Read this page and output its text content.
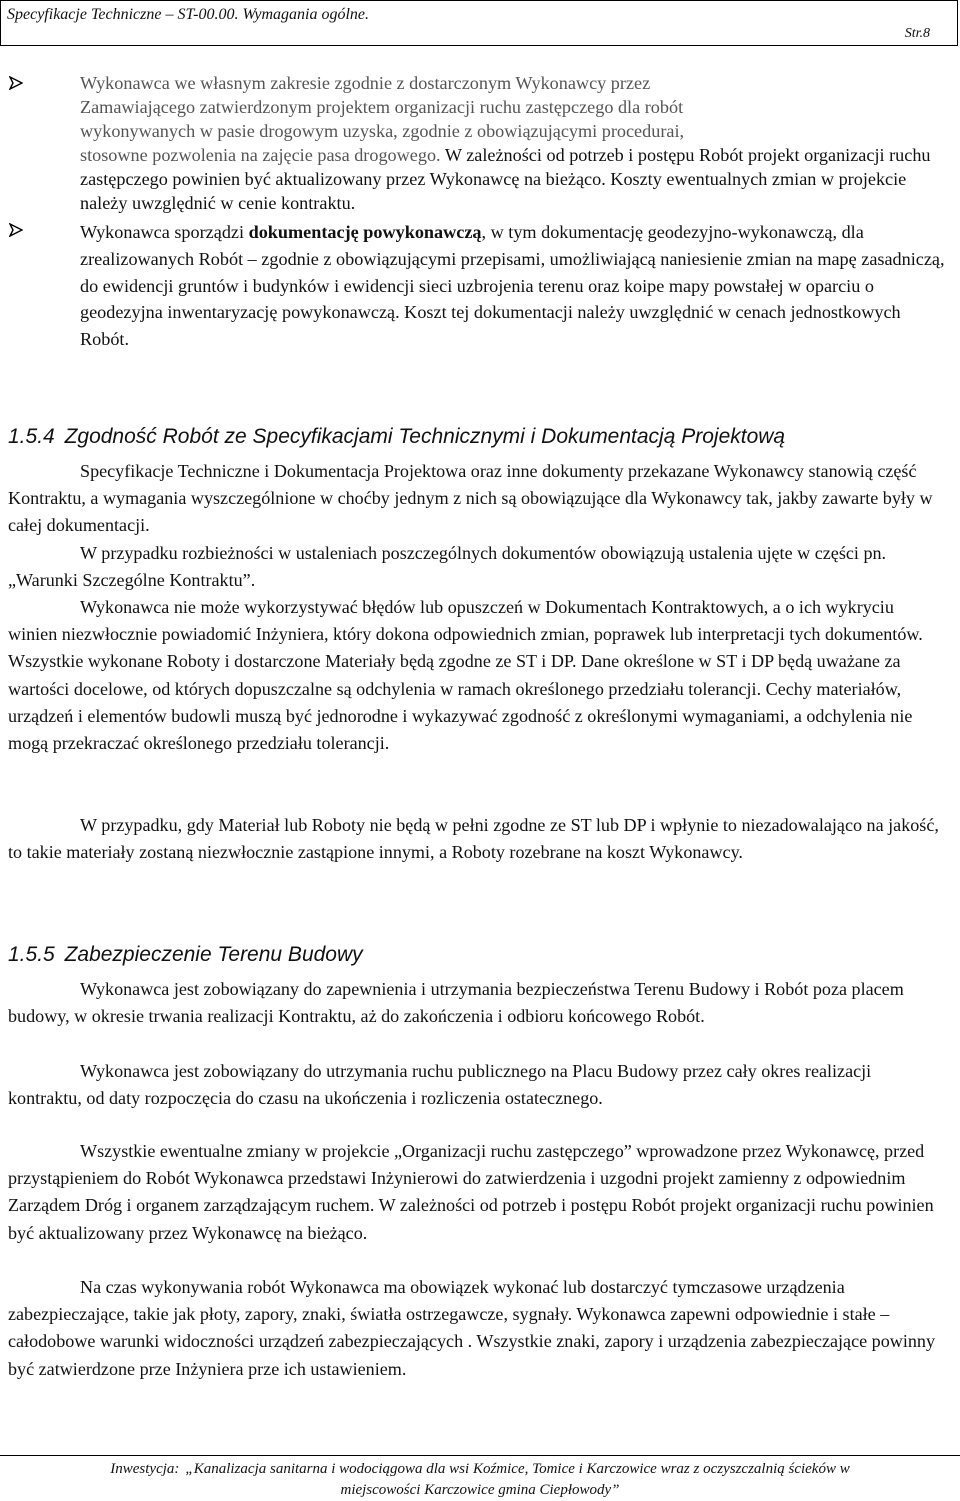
Specyfikacje Techniczne – ST-00.00. Wymagania ogólne.
Str.8
Wykonawca we własnym zakresie zgodnie z dostarczonym Wykonawcy przez
Zamawiającego zatwierdzonym projektem organizacji ruchu zastępczego dla robót
wykonywanych w pasie drogowym uzyska, zgodnie z obowiązującymi procedurai,
stosowne pozwolenia na zajęcie pasa drogowego. W zależności od potrzeb i postępu Robót projekt organizacji ruchu zastępczego powinien być aktualizowany przez Wykonawcę na bieżąco. Koszty ewentualnych zmian w projekcie należy uwzględnić w cenie kontraktu.
Wykonawca sporządzi dokumentację powykonawczą, w tym dokumentację geodezyjno-wykonawczą, dla zrealizowanych Robót – zgodnie z obowiązującymi przepisami, umożliwiającą naniesienie zmian na mapę zasadniczą, do ewidencji gruntów i budynków i ewidencji sieci uzbrojenia terenu oraz koipe mapy powstałej w oparciu o geodezyjna inwentaryzację powykonawczą. Koszt tej dokumentacji należy uwzględnić w cenach jednostkowych Robót.
1.5.4 Zgodność Robót ze Specyfikacjami Technicznymi i Dokumentacją Projektową
Specyfikacje Techniczne i Dokumentacja Projektowa oraz inne dokumenty przekazane Wykonawcy stanowią część Kontraktu, a wymagania wyszczególnione w choćby jednym z nich są obowiązujące dla Wykonawcy tak, jakby zawarte były w całej dokumentacji.
W przypadku rozbieżności w ustaleniach poszczególnych dokumentów obowiązują ustalenia ujęte w części pn. „Warunki Szczególne Kontraktu”.
Wykonawca nie może wykorzystywać błędów lub opuszczeń w Dokumentach Kontraktowych, a o ich wykryciu winien niezwłocznie powiadomić Inżyniera, który dokona odpowiednich zmian, poprawek lub interpretacji tych dokumentów. Wszystkie wykonane Roboty i dostarczone Materiały będą zgodne ze ST i DP. Dane określone w ST i DP będą uważane za wartości docelowe, od których dopuszczalne są odchylenia w ramach określonego przedziału tolerancji. Cechy materiałów, urządzeń i elementów budowli muszą być jednorodne i wykazywać zgodność z określonymi wymaganiami, a odchylenia nie mogą przekraczać określonego przedziału tolerancji.
W przypadku, gdy Materiał lub Roboty nie będą w pełni zgodne ze ST lub DP i wpłynie to niezadowalająco na jakość, to takie materiały zostaną niezwłocznie zastąpione innymi, a Roboty rozebrane na koszt Wykonawcy.
1.5.5 Zabezpieczenie Terenu Budowy
Wykonawca jest zobowiązany do zapewnienia i utrzymania bezpieczeństwa Terenu Budowy i Robót poza placem budowy, w okresie trwania realizacji Kontraktu, aż do zakończenia i odbioru końcowego Robót.
Wykonawca jest zobowiązany do utrzymania ruchu publicznego na Placu Budowy przez cały okres realizacji kontraktu, od daty rozpoczęcia do czasu na ukończenia i rozliczenia ostatecznego.
Wszystkie ewentualne zmiany w projekcie „Organizacji ruchu zastępczego” wprowadzone przez Wykonawcę, przed przystąpieniem do Robót Wykonawca przedstawi Inżynierowi do zatwierdzenia i uzgodni projekt zamienny z odpowiednim Zarządem Dróg i organem zarządzającym ruchem. W zależności od potrzeb i postępu Robót projekt organizacji ruchu powinien być aktualizowany przez Wykonawcę na bieżąco.
Na czas wykonywania robót Wykonawca ma obowiązek wykonać lub dostarczyć tymczasowe urządzenia zabezpieczające, takie jak płoty, zapory, znaki, światła ostrzegawcze, sygnały. Wykonawca zapewni odpowiednie i stałe –całodobowe warunki widoczności urządzeń zabezpieczających . Wszystkie znaki, zapory i urządzenia zabezpieczające powinny być zatwierdzone prze Inżyniera prze ich ustawieniem.
Inwestycja: „Kanalizacja sanitarna i wodociągowa dla wsi Koźmice, Tomice i Karczowice wraz z oczyszczalnią ścieków w
miejscowości Karczowice gmina Ciepłowody”
